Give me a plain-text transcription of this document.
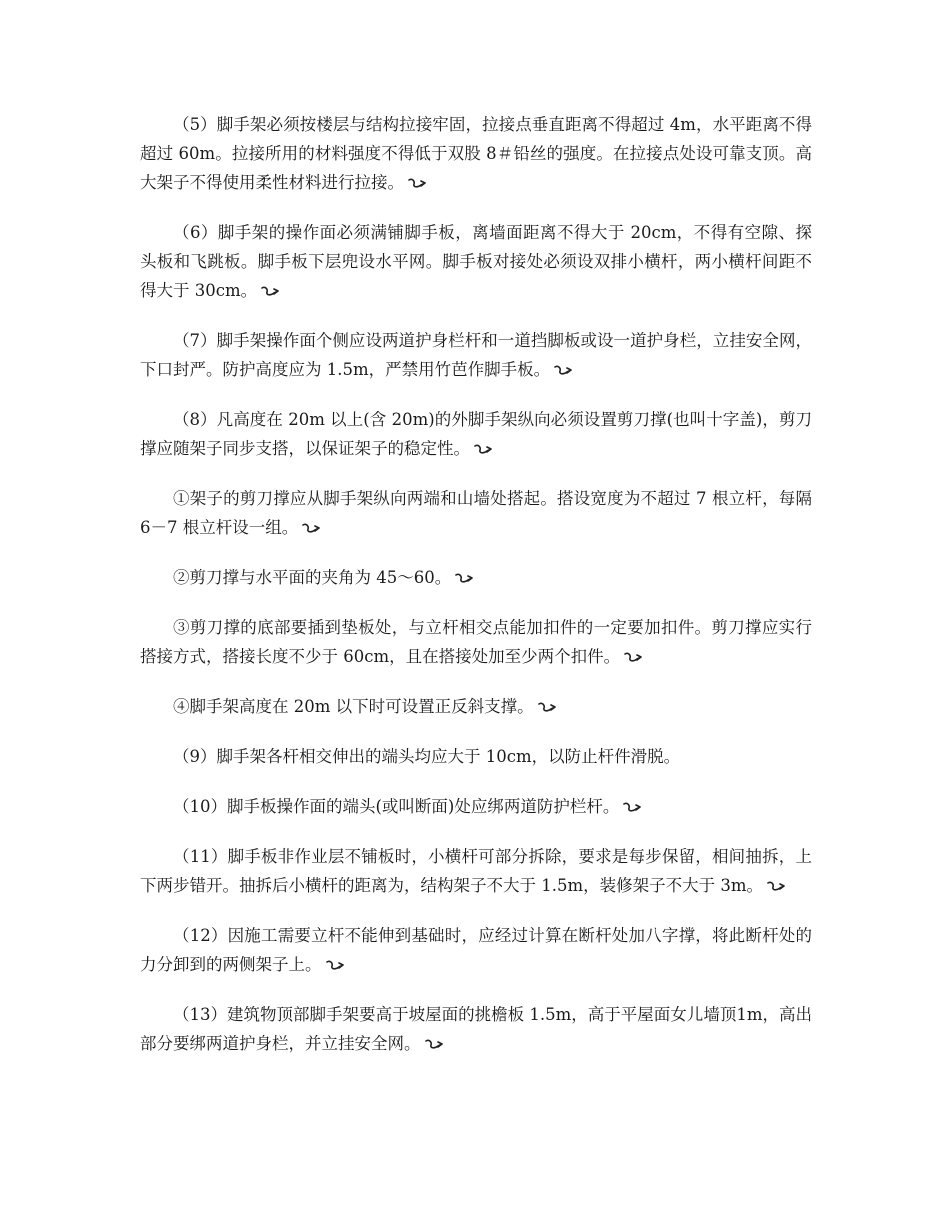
（5）脚手架必须按楼层与结构拉接牢固，拉接点垂直距离不得超过 4m，水平距离不得超过 60m。拉接所用的材料强度不得低于双股 8＃铅丝的强度。在拉接点处设可靠支顶。高大架子不得使用柔性材料进行拉接。

（6）脚手架的操作面必须满铺脚手板，离墙面距离不得大于 20cm，不得有空隙、探头板和飞跳板。脚手板下层兜设水平网。脚手板对接处必须设双排小横杆，两小横杆间距不得大于 30cm。

（7）脚手架操作面个侧应设两道护身栏杆和一道挡脚板或设一道护身栏，立挂安全网，下口封严。防护高度应为 1.5m，严禁用竹芭作脚手板。

（8）凡高度在 20m 以上(含 20m)的外脚手架纵向必须设置剪刀撑(也叫十字盖)，剪刀撑应随架子同步支搭，以保证架子的稳定性。

①架子的剪刀撑应从脚手架纵向两端和山墙处搭起。搭设宽度为不超过 7 根立杆，每隔 6－7 根立杆设一组。

②剪刀撑与水平面的夹角为 45～60。

③剪刀撑的底部要插到垫板处，与立杆相交点能加扣件的一定要加扣件。剪刀撑应实行搭接方式，搭接长度不少于 60cm，且在搭接处加至少两个扣件。

④脚手架高度在 20m 以下时可设置正反斜支撑。

（9）脚手架各杆相交伸出的端头均应大于 10cm，以防止杆件滑脱。

（10）脚手板操作面的端头(或叫断面)处应绑两道防护栏杆。

（11）脚手板非作业层不铺板时，小横杆可部分拆除，要求是每步保留，相间抽拆，上下两步错开。抽拆后小横杆的距离为，结构架子不大于 1.5m，装修架子不大于 3m。

（12）因施工需要立杆不能伸到基础时，应经过计算在断杆处加八字撑，将此断杆处的力分卸到的两侧架子上。

（13）建筑物顶部脚手架要高于坡屋面的挑檐板 1.5m，高于平屋面女儿墙顶1m，高出部分要绑两道护身栏，并立挂安全网。
